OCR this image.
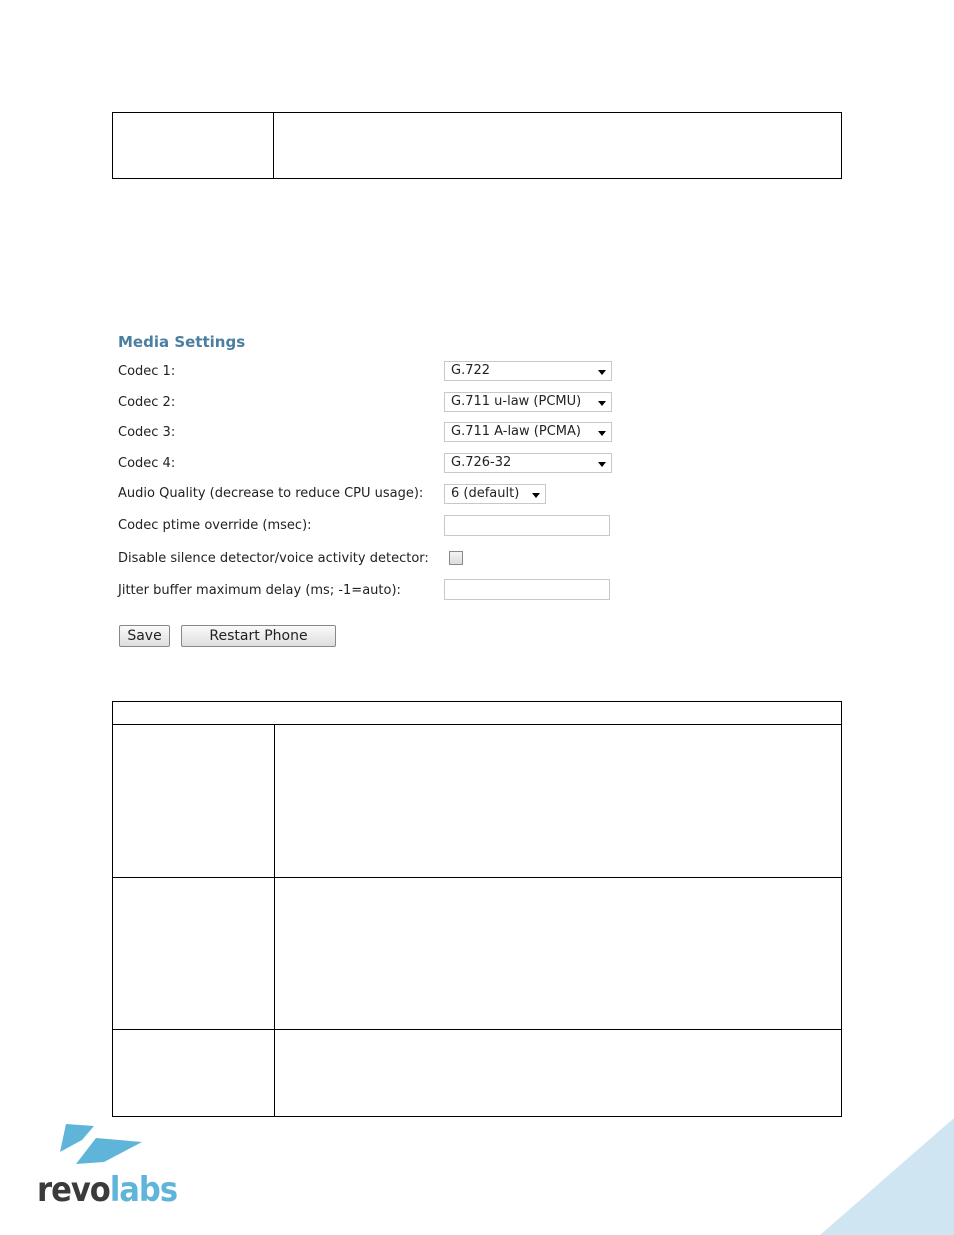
Media Settings
Codec 1:	G.722
Codec 2:	G.711 u-law (PCMU)
Codec 3:	G.711 A-law (PCMA)
Codec 4:	G.726-32
Audio Quality (decrease to reduce CPU usage):	6 (default)
Codec ptime override (msec):
Disable silence detector/voice activity detector:
Jitter buffer maximum delay (ms; -1=auto):
Save	Restart Phone
revolabs
